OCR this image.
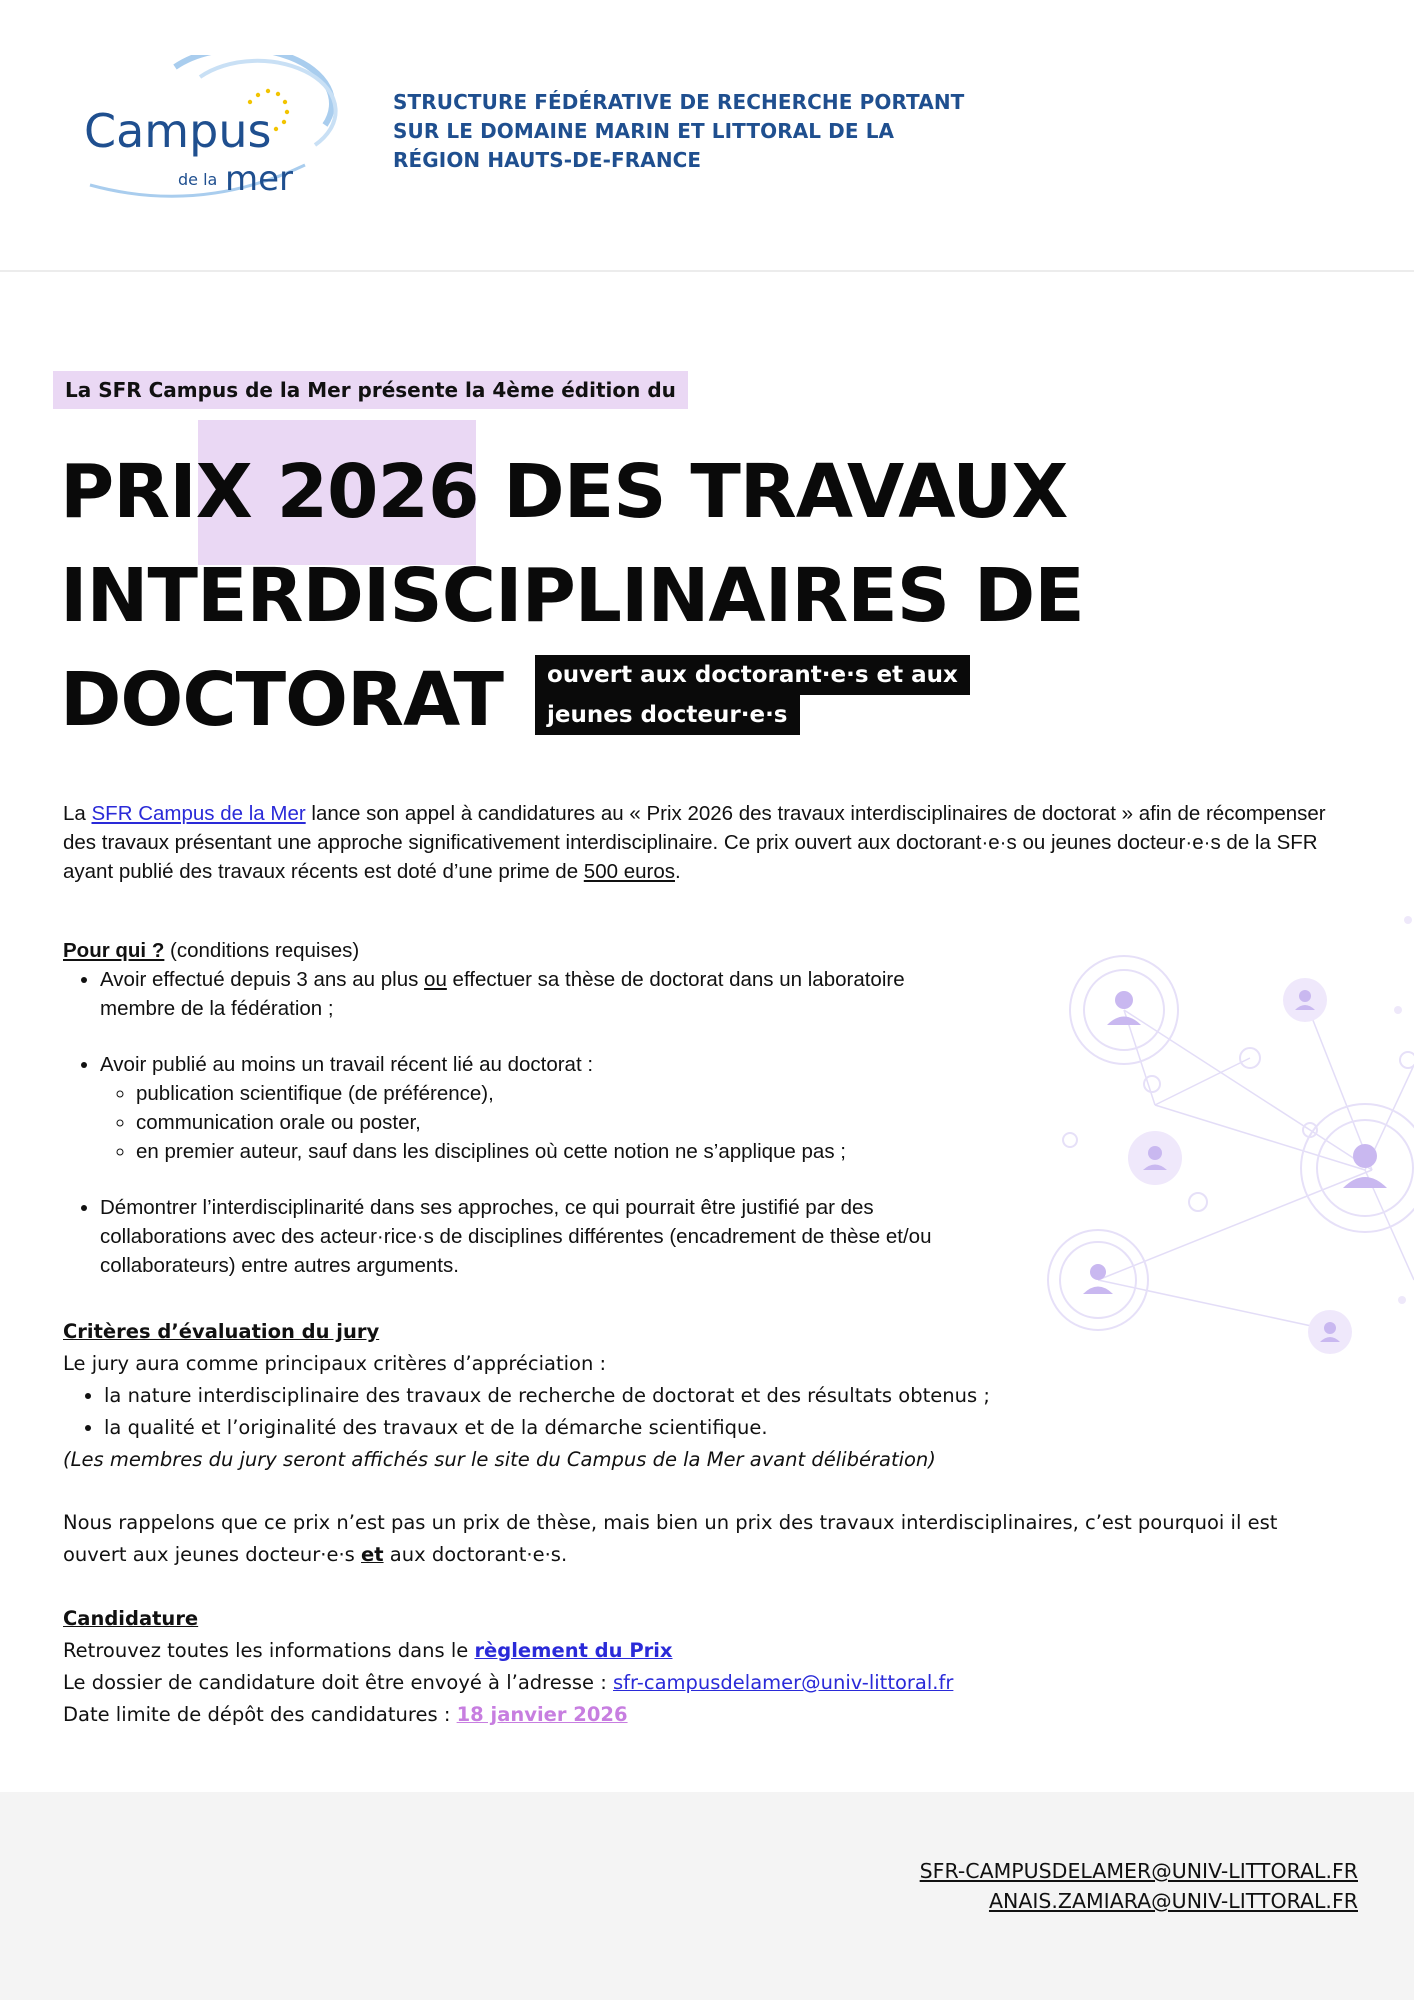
Campus
de la mer
STRUCTURE FÉDÉRATIVE DE RECHERCHE PORTANT
SUR LE DOMAINE MARIN ET LITTORAL DE LA
RÉGION HAUTS-DE-FRANCE
La SFR Campus de la Mer présente la 4ème édition du
PRIX 2026 DES TRAVAUX
INTERDISCIPLINAIRES DE
DOCTORAT	ouvert aux doctorant·e·s et aux
jeunes docteur·e·s
La SFR Campus de la Mer lance son appel à candidatures au « Prix 2026 des travaux interdisciplinaires de doctorat » afin de récompenser des travaux présentant une approche significativement interdisciplinaire. Ce prix ouvert aux doctorant·e·s ou jeunes docteur·e·s de la SFR ayant publié des travaux récents est doté d’une prime de 500 euros.
Pour qui ? (conditions requises)
• Avoir effectué depuis 3 ans au plus ou effectuer sa thèse de doctorat dans un laboratoire membre de la fédération ;
• Avoir publié au moins un travail récent lié au doctorat :
◦ publication scientifique (de préférence),
◦ communication orale ou poster,
◦ en premier auteur, sauf dans les disciplines où cette notion ne s’applique pas ;
• Démontrer l’interdisciplinarité dans ses approches, ce qui pourrait être justifié par des collaborations avec des acteur·rice·s de disciplines différentes (encadrement de thèse et/ou collaborateurs) entre autres arguments.
Critères d’évaluation du jury
Le jury aura comme principaux critères d’appréciation :
• la nature interdisciplinaire des travaux de recherche de doctorat et des résultats obtenus ;
• la qualité et l’originalité des travaux et de la démarche scientifique.
(Les membres du jury seront affichés sur le site du Campus de la Mer avant délibération)
Nous rappelons que ce prix n’est pas un prix de thèse, mais bien un prix des travaux interdisciplinaires, c’est pourquoi il est ouvert aux jeunes docteur·e·s et aux doctorant·e·s.
Candidature
Retrouvez toutes les informations dans le règlement du Prix
Le dossier de candidature doit être envoyé à l’adresse : sfr-campusdelamer@univ-littoral.fr
Date limite de dépôt des candidatures : 18 janvier 2026
SFR-CAMPUSDELAMER@UNIV-LITTORAL.FR
ANAIS.ZAMIARA@UNIV-LITTORAL.FR
